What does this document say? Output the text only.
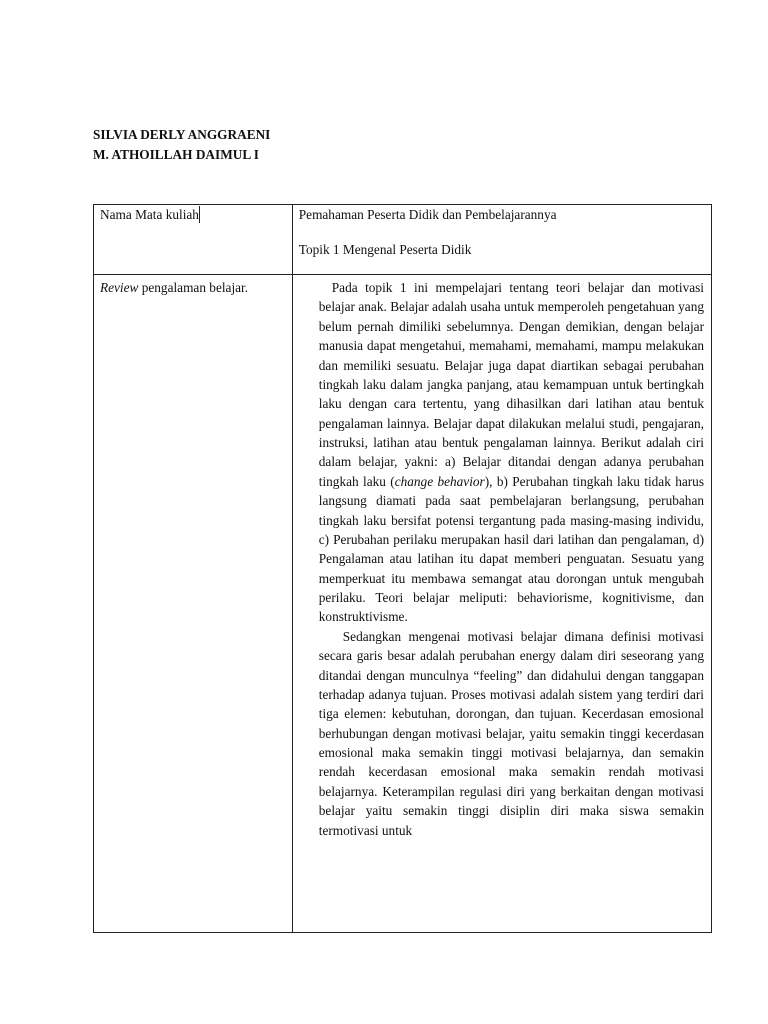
SILVIA DERLY ANGGRAENI
M. ATHOILLAH DAIMUL I
Nama Mata kuliah	Pemahaman Peserta Didik dan Pembelajarannya
Topik 1 Mengenal Peserta Didik

Review pengalaman belajar.	Pada topik 1 ini mempelajari tentang teori belajar dan motivasi belajar anak. Belajar adalah usaha untuk memperoleh pengetahuan yang belum pernah dimiliki sebelumnya. Dengan demikian, dengan belajar manusia dapat mengetahui, memahami, memahami, mampu melakukan dan memiliki sesuatu. Belajar juga dapat diartikan sebagai perubahan tingkah laku dalam jangka panjang, atau kemampuan untuk bertingkah laku dengan cara tertentu, yang dihasilkan dari latihan atau bentuk pengalaman lainnya. Belajar dapat dilakukan melalui studi, pengajaran, instruksi, latihan atau bentuk pengalaman lainnya. Berikut adalah ciri dalam belajar, yakni: a) Belajar ditandai dengan adanya perubahan tingkah laku (change behavior), b) Perubahan tingkah laku tidak harus langsung diamati pada saat pembelajaran berlangsung, perubahan tingkah laku bersifat potensi tergantung pada masing-masing individu, c) Perubahan perilaku merupakan hasil dari latihan dan pengalaman, d) Pengalaman atau latihan itu dapat memberi penguatan. Sesuatu yang memperkuat itu membawa semangat atau dorongan untuk mengubah perilaku. Teori belajar meliputi: behaviorisme, kognitivisme, dan konstruktivisme.

Sedangkan mengenai motivasi belajar dimana definisi motivasi secara garis besar adalah perubahan energy dalam diri seseorang yang ditandai dengan munculnya “feeling” dan didahului dengan tanggapan terhadap adanya tujuan. Proses motivasi adalah sistem yang terdiri dari tiga elemen: kebutuhan, dorongan, dan tujuan. Kecerdasan emosional berhubungan dengan motivasi belajar, yaitu semakin tinggi kecerdasan emosional maka semakin tinggi motivasi belajarnya, dan semakin rendah kecerdasan emosional maka semakin rendah motivasi belajarnya. Keterampilan regulasi diri yang berkaitan dengan motivasi belajar yaitu semakin tinggi disiplin diri maka siswa semakin termotivasi untuk
